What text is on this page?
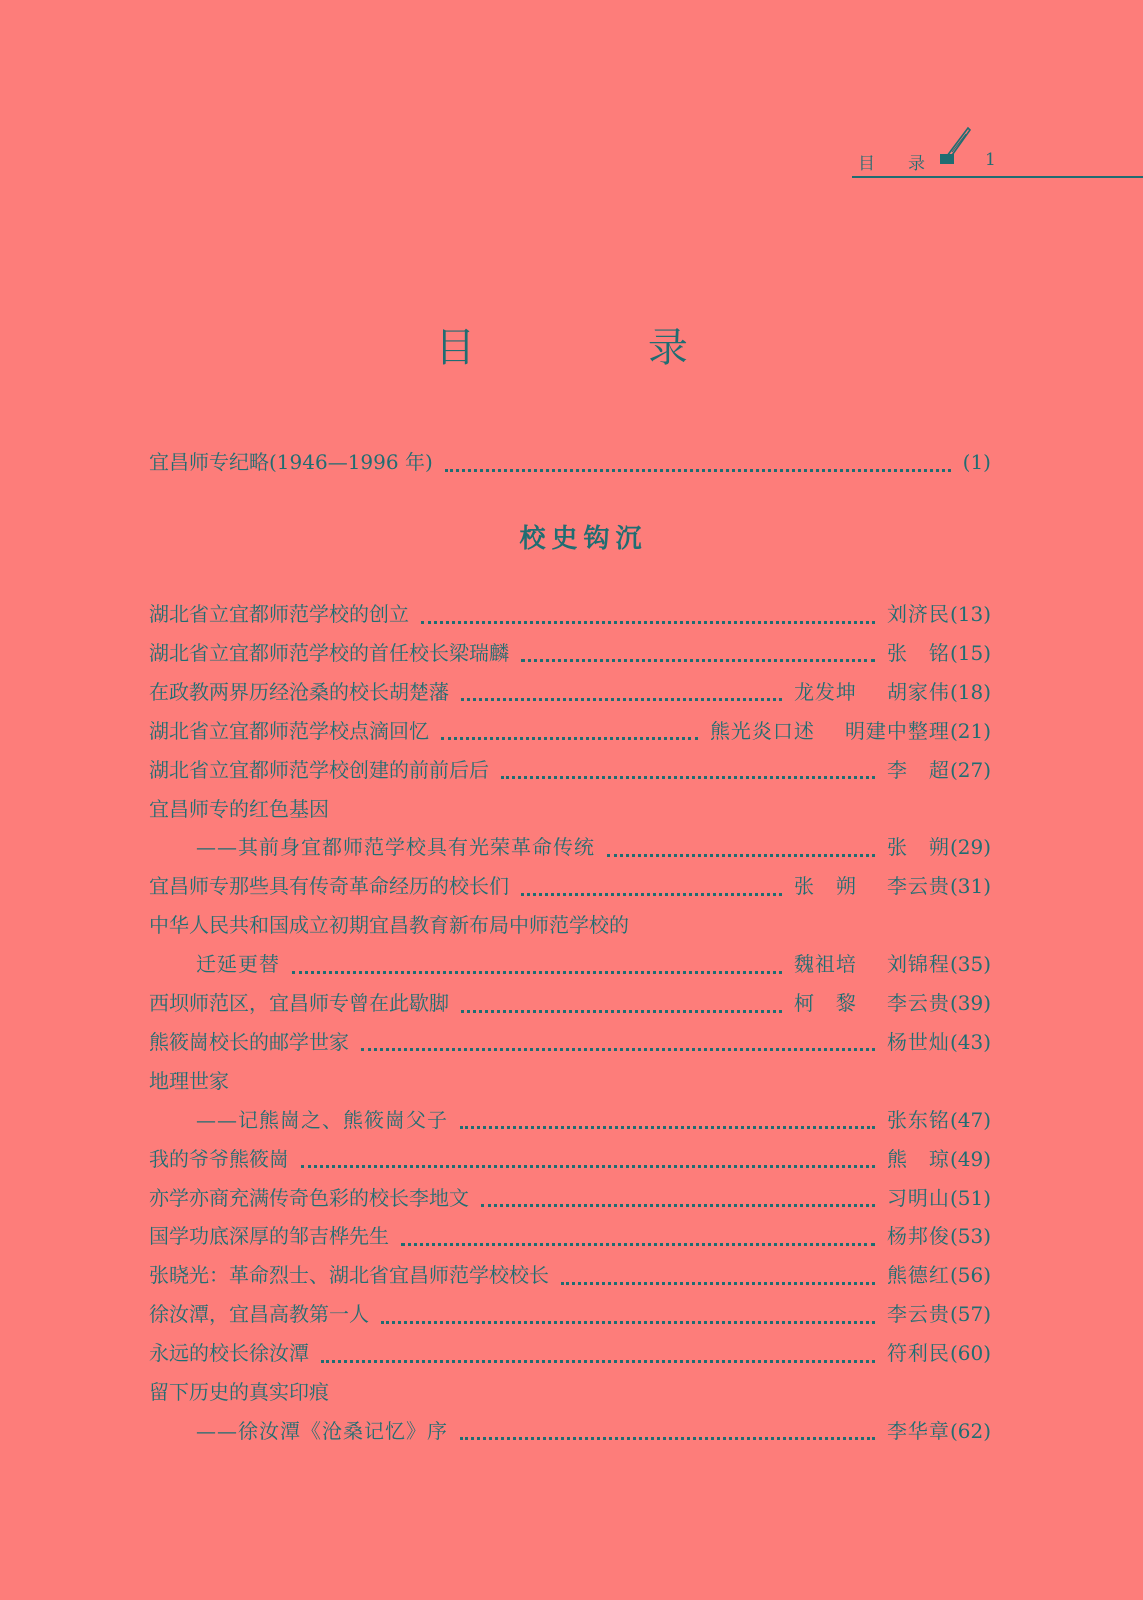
目 录	1
目 录
宜昌师专纪略(1946—1996 年)	(1)
校史钩沉
湖北省立宜都师范学校的创立	刘济民 (13)
湖北省立宜都师范学校的首任校长梁瑞麟	张　铭 (15)
在政教两界历经沧桑的校长胡楚藩	龙发坤 胡家伟 (18)
湖北省立宜都师范学校点滴回忆	熊光炎口述 明建中整理 (21)
湖北省立宜都师范学校创建的前前后后	李　超 (27)
宜昌师专的红色基因
——其前身宜都师范学校具有光荣革命传统	张　朔 (29)
宜昌师专那些具有传奇革命经历的校长们	张　朔 李云贵 (31)
中华人民共和国成立初期宜昌教育新布局中师范学校的
迁延更替	魏祖培 刘锦程 (35)
西坝师范区，宜昌师专曾在此歇脚	柯　黎 李云贵 (39)
熊筱崗校长的邮学世家	杨世灿 (43)
地理世家
——记熊崗之、熊筱崗父子	张东铭 (47)
我的爷爷熊筱崗	熊　琼 (49)
亦学亦商充满传奇色彩的校长李地文	习明山 (51)
国学功底深厚的邹吉桦先生	杨邦俊 (53)
张晓光：革命烈士、湖北省宜昌师范学校校长	熊德红 (56)
徐汝潭，宜昌高教第一人	李云贵 (57)
永远的校长徐汝潭	符利民 (60)
留下历史的真实印痕
——徐汝潭《沧桑记忆》序	李华章 (62)
